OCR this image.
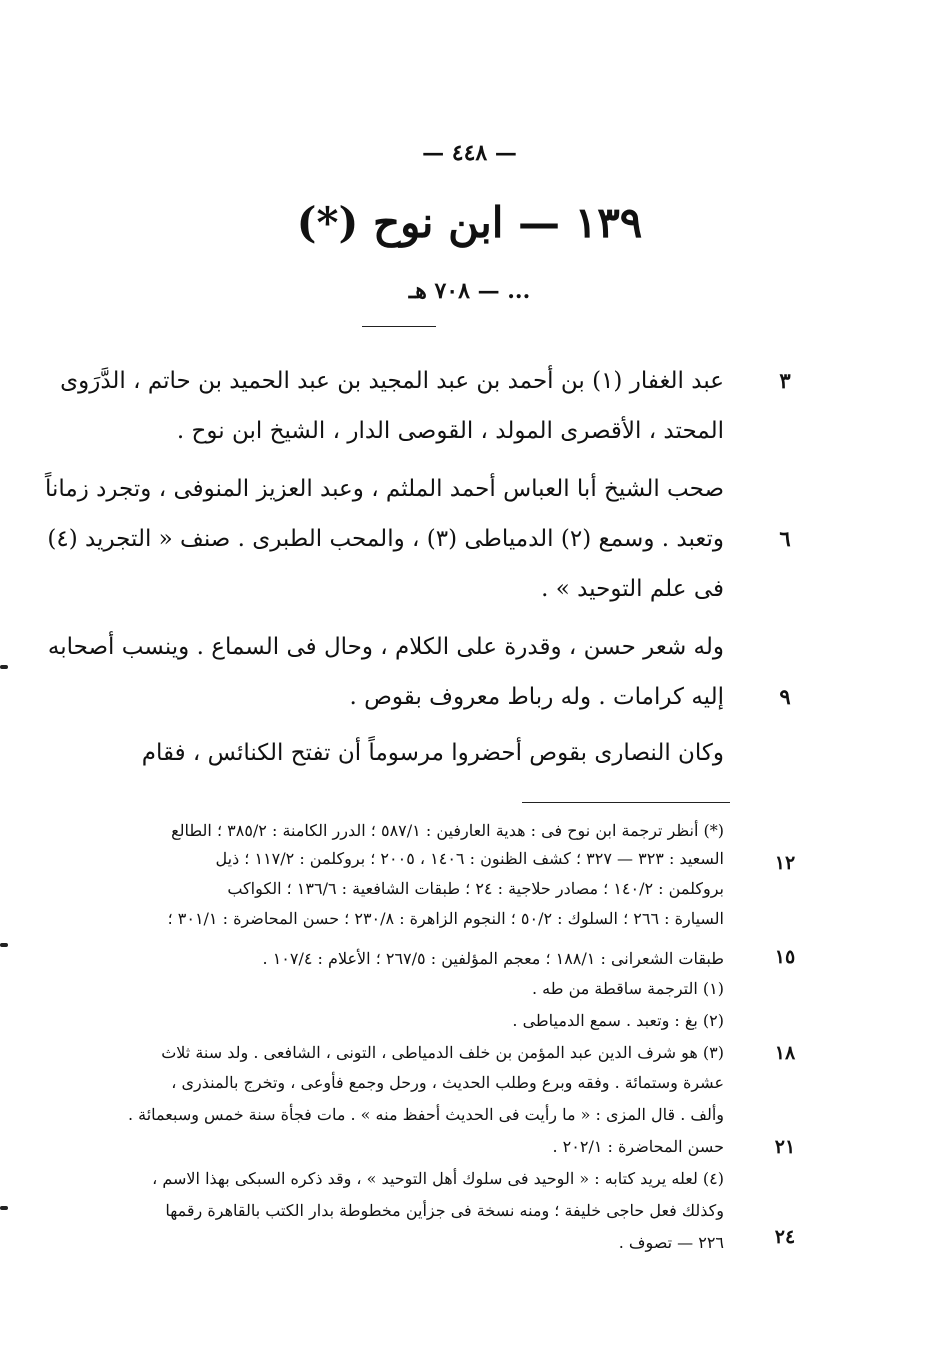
— ٤٤٨ —
١٣٩ — ابن نوح (*)
... — ٧٠٨ هـ
عبد الغفار (١) بن أحمد بن عبد المجيد بن عبد الحميد بن حاتم ، الدَّرَوى	٣
المحتد ، الأقصرى المولد ، القوصى الدار ، الشيخ ابن نوح .
صحب الشيخ أبا العباس أحمد الملثم ، وعبد العزيز المنوفى ، وتجرد زماناً
وتعبد . وسمع (٢) الدمياطى (٣) ، والمحب الطبرى . صنف « التجريد (٤)	٦
فى علم التوحيد » .
وله شعر حسن ، وقدرة على الكلام ، وحال فى السماع . وينسب أصحابه
إليه كرامات . وله رباط معروف بقوص .	٩
وكان النصارى بقوص أحضروا مرسوماً أن تفتح الكنائس ، فقام
(*) أنظر ترجمة ابن نوح فى : هدية العارفين : ٥٨٧/١ ؛ الدرر الكامنة : ٣٨٥/٢ ؛ الطالع
١٢
السعيد : ٣٢٣ — ٣٢٧ ؛ كشف الظنون : ١٤٠٦ ، ٢٠٠٥ ؛ بروكلمن : ١١٧/٢ ؛ ذيل
بروكلمن : ١٤٠/٢ ؛ مصادر حلاجية : ٢٤ ؛ طبقات الشافعية : ١٣٦/٦ ؛ الكواكب
السيارة : ٢٦٦ ؛ السلوك : ٥٠/٢ ؛ النجوم الزاهرة : ٢٣٠/٨ ؛ حسن المحاضرة : ٣٠١/١ ؛
طبقات الشعرانى : ١٨٨/١ ؛ معجم المؤلفين : ٢٦٧/٥ ؛ الأعلام : ١٠٧/٤ .	١٥
(١) الترجمة ساقطة من طه .
(٢) بغ : وتعبد . سمع الدمياطى .
(٣) هو شرف الدين عبد المؤمن بن خلف الدمياطى ، التونى ، الشافعى . ولد سنة ثلاث	١٨
عشرة وستمائة . وفقه وبرع وطلب الحديث ، ورحل وجمع فأوعى ، وتخرج بالمنذرى ،
وألف . قال المزى : « ما رأيت فى الحديث أحفظ منه » . مات فجأة سنة خمس وسبعمائة .
حسن المحاضرة : ٢٠٢/١ .	٢١
(٤) لعله يريد كتابه : « الوحيد فى سلوك أهل التوحيد » ، وقد ذكره السبكى بهذا الاسم ،
وكذلك فعل حاجى خليفة ؛ ومنه نسخة فى جزأين مخطوطة بدار الكتب بالقاهرة رقمها
٢٢٦ — تصوف .	٢٤
